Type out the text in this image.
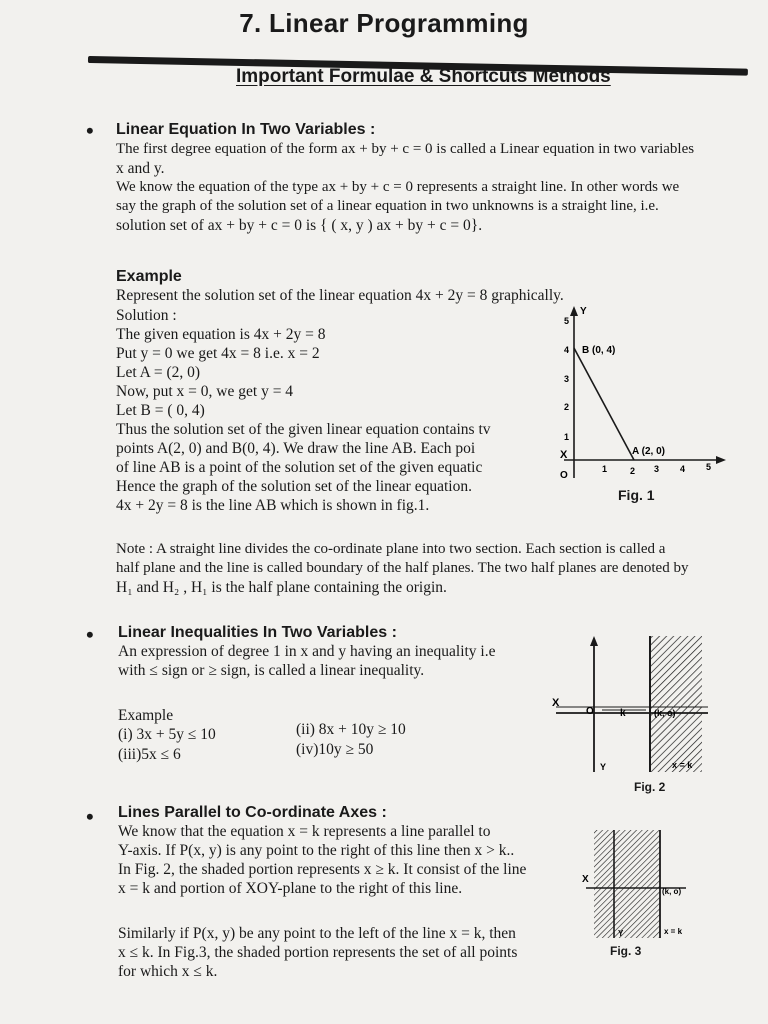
7. Linear Programming
Important Formulae & Shortcuts Methods
• Linear Equation In Two Variables :
The first degree equation of the form ax + by + c = 0 is called a Linear equation in two variables
x and y.
We know the equation of the type ax + by + c = 0 represents a straight line. In other words we
say the graph of the solution set of a linear equation in two unknowns is a straight line, i.e.
solution set of ax + by + c = 0 is { ( x, y ) ax + by + c = 0}.
Example
Represent the solution set of the linear equation 4x + 2y = 8 graphically.
Solution :
The given equation is 4x + 2y = 8
Put y = 0 we get 4x = 8 i.e. x = 2
Let A = (2, 0)
Now, put x = 0, we get y = 4
Let B = ( 0, 4)
Thus the solution set of the given linear equation contains tv
points A(2, 0) and B(0, 4). We draw the line AB. Each poi
of line AB is a point of the solution set of the given equatic
Hence the graph of the solution set of the linear equation.
4x + 2y = 8 is the line AB which is shown in fig.1.
Y
X
O
B (0, 4)
A (2, 0)
1
2
3
4
5
1	2 3 4 5
Fig. 1
Note : A straight line divides the co-ordinate plane into two section. Each section is called a
half plane and the line is called boundary of the half planes. The two half planes are denoted by
H₁ and H₂ , H₁ is the half plane containing the origin.
• Linear Inequalities In Two Variables :
An expression of degree 1 in x and y having an inequality i.e
with ≤ sign or ≥ sign, is called a linear inequality.
Example
(i) 3x + 5y ≤ 10	(ii) 8x + 10y ≥ 10
(iii)5x ≤ 6	(iv)10y ≥ 50
X
O	k	(k, o)
Y	x = k
Fig. 2
• Lines Parallel to Co-ordinate Axes :
We know that the equation x = k represents a line parallel to
Y-axis. If P(x, y) is any point to the right of this line then x > k..
In Fig. 2, the shaded portion represents x ≥ k. It consist of the line
x = k and portion of XOY-plane to the right of this line.
Similarly if P(x, y) be any point to the left of the line x = k, then
x ≤ k. In Fig.3, the shaded portion represents the set of all points
for which x ≤ k.
X
(k, o)
Y	x = k
Fig. 3
